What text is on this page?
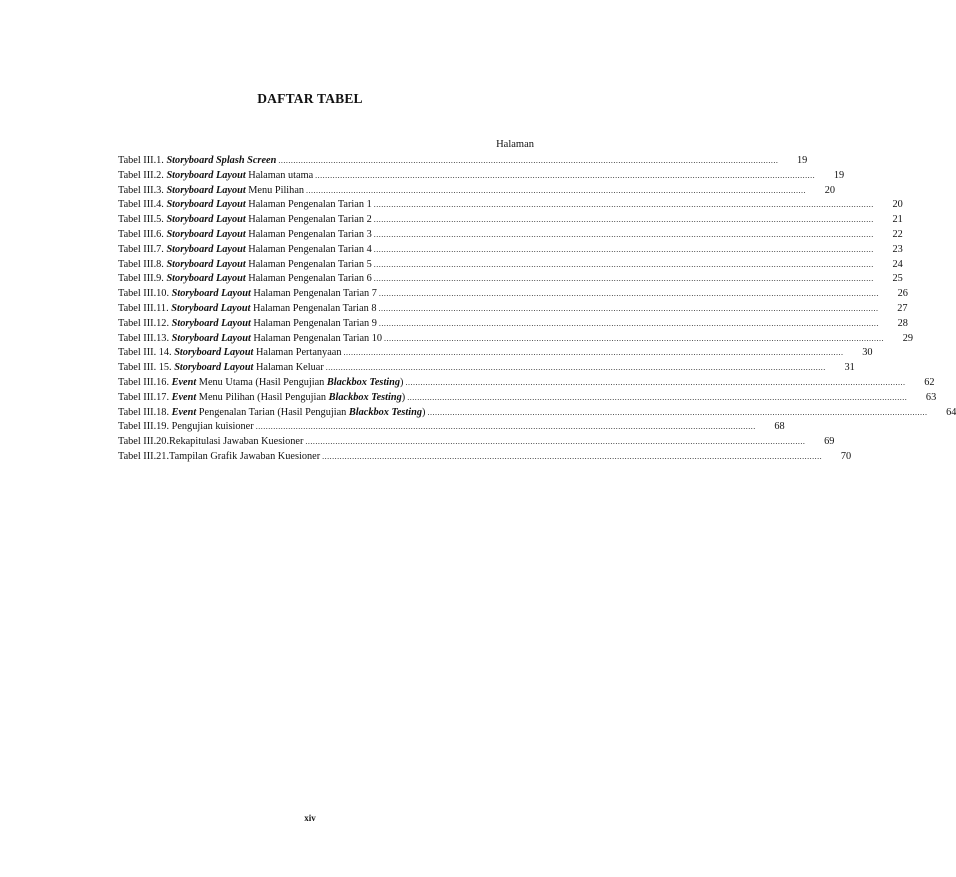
DAFTAR TABEL
Halaman
Tabel III.1. Storyboard Splash Screen ........................................................................................................................................................................................................	19
Tabel III.2. Storyboard Layout Halaman utama ........................................................................................................................................................................................................	19
Tabel III.3. Storyboard Layout Menu Pilihan ........................................................................................................................................................................................................	20
Tabel III.4. Storyboard Layout Halaman Pengenalan Tarian 1 ........................................................................................................................................................................................................	20
Tabel III.5. Storyboard Layout Halaman Pengenalan Tarian 2 ........................................................................................................................................................................................................	21
Tabel III.6. Storyboard Layout Halaman Pengenalan Tarian 3 ........................................................................................................................................................................................................	22
Tabel III.7. Storyboard Layout Halaman Pengenalan Tarian 4 ........................................................................................................................................................................................................	23
Tabel III.8. Storyboard Layout Halaman Pengenalan Tarian 5 ........................................................................................................................................................................................................	24
Tabel III.9. Storyboard Layout Halaman Pengenalan Tarian 6 ........................................................................................................................................................................................................	25
Tabel III.10. Storyboard Layout Halaman Pengenalan Tarian 7 ........................................................................................................................................................................................................	26
Tabel III.11. Storyboard Layout Halaman Pengenalan Tarian 8 ........................................................................................................................................................................................................	27
Tabel III.12. Storyboard Layout Halaman Pengenalan Tarian 9 ........................................................................................................................................................................................................	28
Tabel III.13. Storyboard Layout Halaman Pengenalan Tarian 10 ........................................................................................................................................................................................................	29
Tabel III. 14. Storyboard Layout Halaman Pertanyaan ........................................................................................................................................................................................................	30
Tabel III. 15. Storyboard Layout Halaman Keluar ........................................................................................................................................................................................................	31
Tabel III.16. Event Menu Utama (Hasil Pengujian Blackbox Testing) ........................................................................................................................................................................................................	62
Tabel III.17. Event Menu Pilihan (Hasil Pengujian Blackbox Testing) ........................................................................................................................................................................................................	63
Tabel III.18. Event Pengenalan Tarian (Hasil Pengujian Blackbox Testing) ........................................................................................................................................................................................................	64
Tabel III.19. Pengujian kuisioner ........................................................................................................................................................................................................	68
Tabel III.20.Rekapitulasi Jawaban Kuesioner ........................................................................................................................................................................................................	69
Tabel III.21.Tampilan Grafik Jawaban Kuesioner ........................................................................................................................................................................................................	70
xiv
